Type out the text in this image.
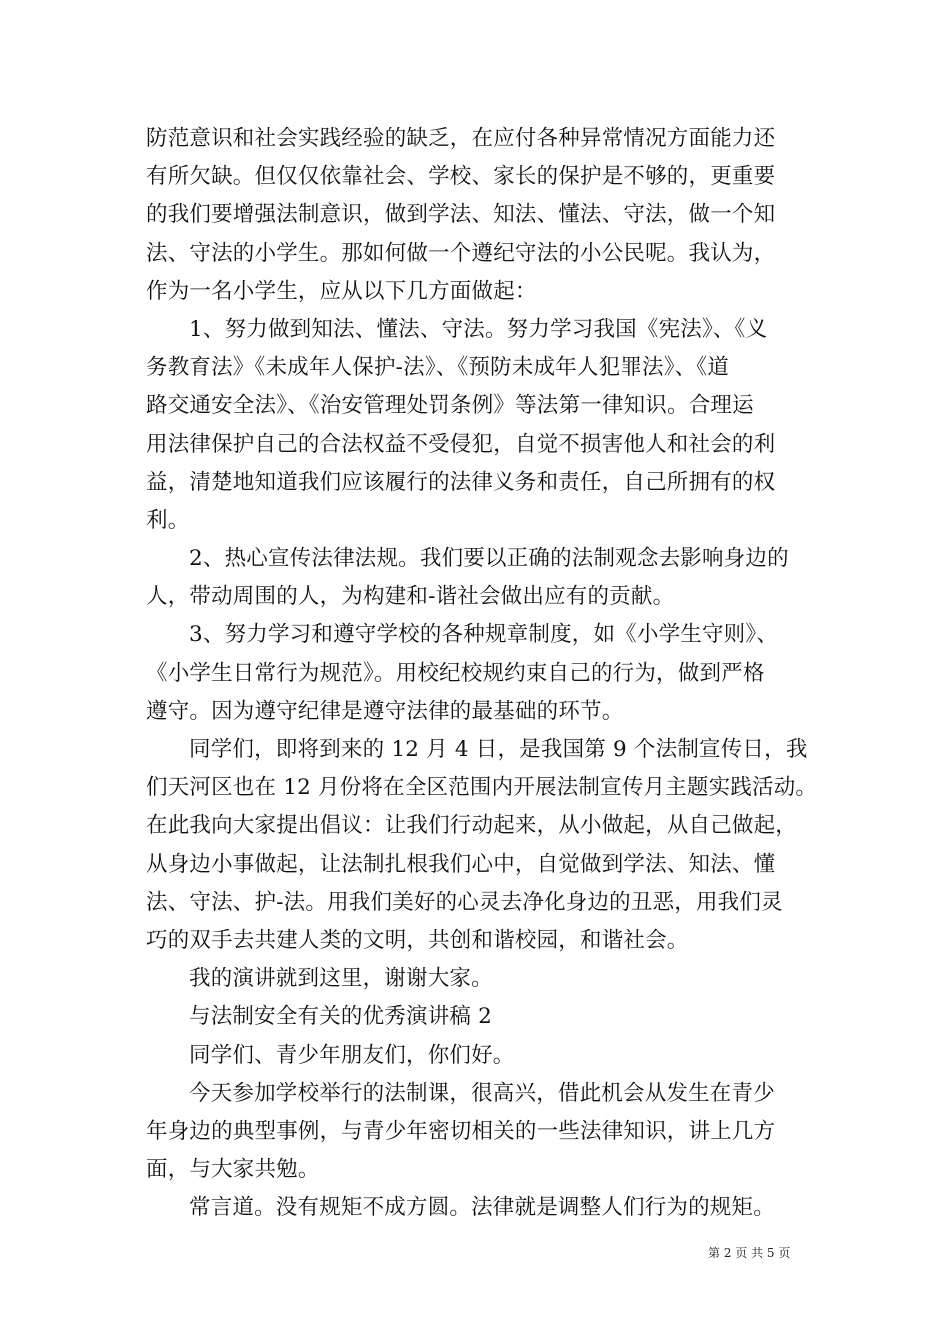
防范意识和社会实践经验的缺乏，在应付各种异常情况方面能力还
有所欠缺。但仅仅依靠社会、学校、家长的保护是不够的，更重要
的我们要增强法制意识，做到学法、知法、懂法、守法，做一个知
法、守法的小学生。那如何做一个遵纪守法的小公民呢。我认为，
作为一名小学生，应从以下几方面做起：
1、努力做到知法、懂法、守法。努力学习我国《宪法》、《义
务教育法》《未成年人保护-法》、《预防未成年人犯罪法》、《道
路交通安全法》、《治安管理处罚条例》等法第一律知识。合理运
用法律保护自己的合法权益不受侵犯，自觉不损害他人和社会的利
益，清楚地知道我们应该履行的法律义务和责任，自己所拥有的权
利。
2、热心宣传法律法规。我们要以正确的法制观念去影响身边的
人，带动周围的人，为构建和-谐社会做出应有的贡献。
3、努力学习和遵守学校的各种规章制度，如《小学生守则》、
《小学生日常行为规范》。用校纪校规约束自己的行为，做到严格
遵守。因为遵守纪律是遵守法律的最基础的环节。
同学们，即将到来的 12 月 4 日，是我国第 9 个法制宣传日，我
们天河区也在 12 月份将在全区范围内开展法制宣传月主题实践活动。
在此我向大家提出倡议：让我们行动起来，从小做起，从自己做起，
从身边小事做起，让法制扎根我们心中，自觉做到学法、知法、懂
法、守法、护-法。用我们美好的心灵去净化身边的丑恶，用我们灵
巧的双手去共建人类的文明，共创和谐校园，和谐社会。
我的演讲就到这里，谢谢大家。
与法制安全有关的优秀演讲稿 2
同学们、青少年朋友们，你们好。
今天参加学校举行的法制课，很高兴，借此机会从发生在青少
年身边的典型事例，与青少年密切相关的一些法律知识，讲上几方
面，与大家共勉。
常言道。没有规矩不成方圆。法律就是调整人们行为的规矩。
第 2 页 共 5 页
